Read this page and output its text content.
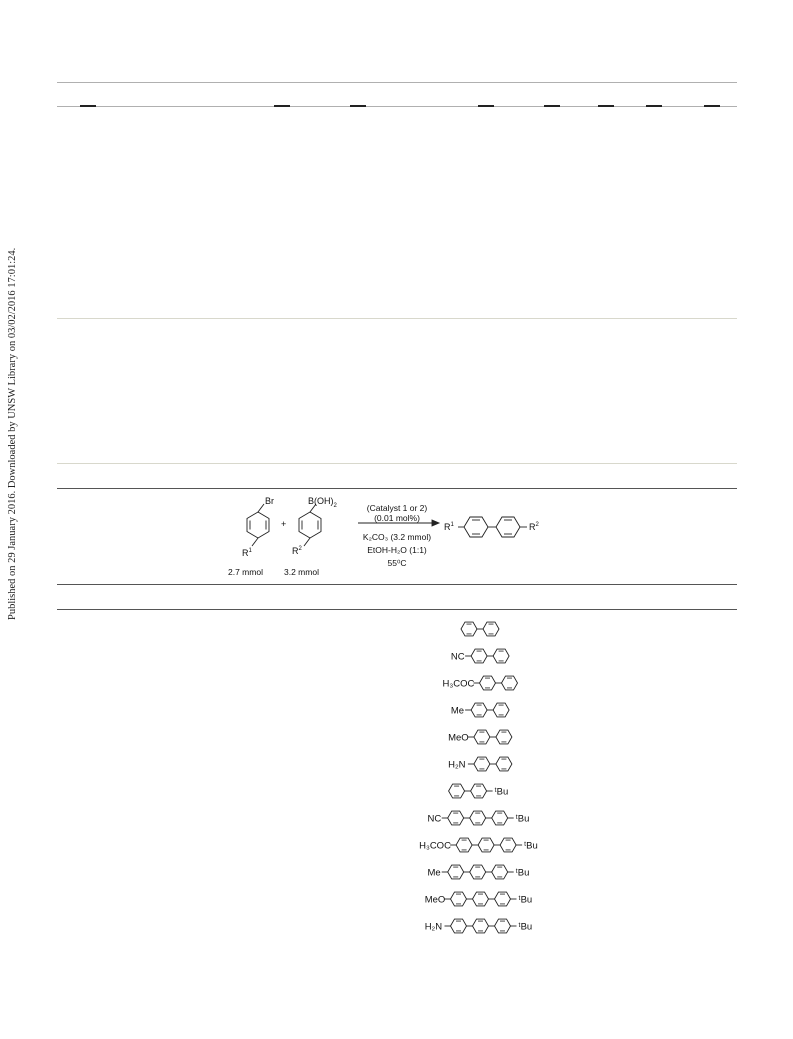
Published on 29 January 2016. Downloaded by UNSW Library on 03/02/2016 17:01:24.	Br
$R^1$
+
$B(OH)_2$
$R^2$
2.7 mmol 3.2 mmol
(Catalyst 1 or 2)
(0.01 mol%)
K₂CO₃ (3.2 mmol)
EtOH-H₂O (1:1)
55⁰C
$R^1$	$R^2$
NC
H₃COC
Me
MeO
H₂N
ᵗBu
NC	ᵗBu
H₃COC	ᵗBu
Me	ᵗBu
MeO	ᵗBu
H₂N	ᵗBu
